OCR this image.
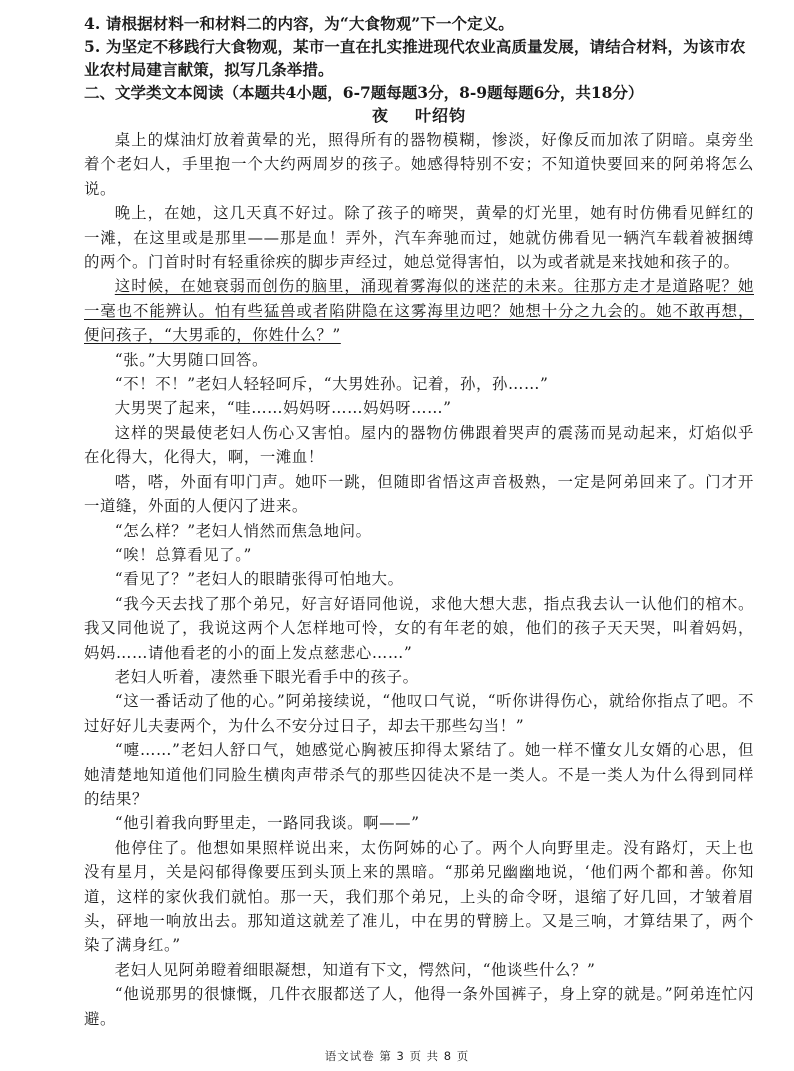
4. 请根据材料一和材料二的内容，为“大食物观”下一个定义。

5. 为坚定不移践行大食物观，某市一直在扎实推进现代农业高质量发展，请结合材料，为该市农业农村局建言献策，拟写几条举措。

二、文学类文本阅读（本题共4小题，6-7题每题3分，8-9题每题6分，共18分）

夜 叶绍钧

桌上的煤油灯放着黄晕的光，照得所有的器物模糊，惨淡，好像反而加浓了阴暗。桌旁坐着个老妇人，手里抱一个大约两周岁的孩子。她感得特别不安；不知道快要回来的阿弟将怎么说。

晚上，在她，这几天真不好过。除了孩子的啼哭，黄晕的灯光里，她有时仿佛看见鲜红的一滩，在这里或是那里——那是血！弄外，汽车奔驰而过，她就仿佛看见一辆汽车载着被捆缚的两个。门首时时有轻重徐疾的脚步声经过，她总觉得害怕，以为或者就是来找她和孩子的。

这时候，在她衰弱而创伤的脑里，涌现着雾海似的迷茫的未来。往那方走才是道路呢？她一毫也不能辨认。怕有些猛兽或者陷阱隐在这雾海里边吧？她想十分之九会的。她不敢再想，便问孩子，“大男乖的，你姓什么？”

“张。”大男随口回答。

“不！不！”老妇人轻轻呵斥，“大男姓孙。记着，孙，孙……”

大男哭了起来，“哇……妈妈呀……妈妈呀……”

这样的哭最使老妇人伤心又害怕。屋内的器物仿佛跟着哭声的震荡而晃动起来，灯焰似乎在化得大，化得大，啊，一滩血！

嗒，嗒，外面有叩门声。她吓一跳，但随即省悟这声音极熟，一定是阿弟回来了。门才开一道缝，外面的人便闪了进来。

“怎么样？”老妇人悄然而焦急地问。

“唉！总算看见了。”

“看见了？”老妇人的眼睛张得可怕地大。

“我今天去找了那个弟兄，好言好语同他说，求他大想大悲，指点我去认一认他们的棺木。我又同他说了，我说这两个人怎样地可怜，女的有年老的娘，他们的孩子天天哭，叫着妈妈，妈妈……请他看老的小的面上发点慈悲心……”

老妇人听着，凄然垂下眼光看手中的孩子。

“这一番话动了他的心。”阿弟接续说，“他叹口气说，“听你讲得伤心，就给你指点了吧。不过好好儿夫妻两个，为什么不安分过日子，却去干那些勾当！”

“嚏……”老妇人舒口气，她感觉心胸被压抑得太紧结了。她一样不懂女儿女婿的心思，但她清楚地知道他们同脸生横肉声带杀气的那些囚徒决不是一类人。不是一类人为什么得到同样的结果？

“他引着我向野里走，一路同我谈。啊——”

他停住了。他想如果照样说出来，太伤阿姊的心了。两个人向野里走。没有路灯，天上也没有星月，关是闷郁得像要压到头顶上来的黑暗。“那弟兄幽幽地说，‘他们两个都和善。你知道，这样的家伙我们就怕。那一天，我们那个弟兄，上头的命令呀，退缩了好几回，才皱着眉头，砰地一响放出去。那知道这就差了准儿，中在男的臂膀上。又是三响，才算结果了，两个染了满身红。”

老妇人见阿弟瞪着细眼凝想，知道有下文，愕然问，“他谈些什么？”

“他说那男的很慷慨，几件衣服都送了人，他得一条外国裤子，身上穿的就是。”阿弟连忙闪避。

语文试卷 第 3 页 共 8 页
